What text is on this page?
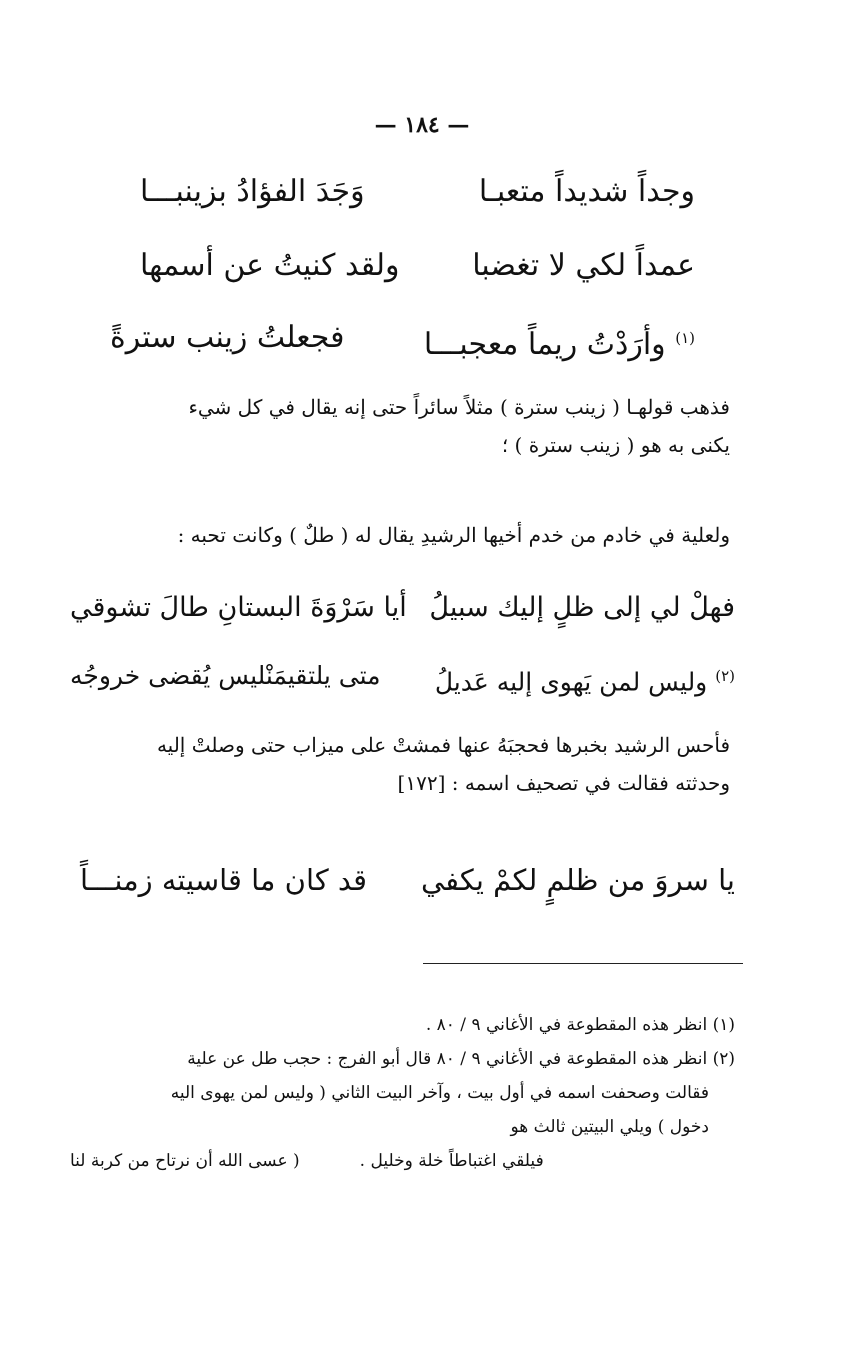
— ١٨٤ —
وَجَدَ الفؤادُ بزينبـــا	وجداً شديداً متعبـا
ولقد كنيتُ عن أسمها عمداً لكي لا تغضبا
فجعلتُ زينب سترةً	$^{(١)}$ وأرَدْتُ ريماً معجبـــا
فذهب قولهـا ( زينب سترة ) مثلاً سائراً حتى إنه يقال في كل شيء
يكنى به هو ( زينب سترة ) ؛
ولعلية في خادم من خدم أخيها الرشيدِ يقال له ( طلٌ ) وكانت تحبه :
أيا سَرْوَةَ البستانِ طالَ تشوقي فهلْ لي إلى ظلٍ إليك سبيلُ
متى يلتقيمَنْليس يُقضى خروجُه	$^{(٢)}$ وليس لمن يَهوى إليه عَديلُ
فأحس الرشيد بخبرها فحجبَهُ عنها فمشتْ على ميزاب حتى وصلتْ إليه
وحدثته فقالت في تصحيف اسمه : [١٧٢]
قد كان ما قاسيته زمنـــاً يا سروَ من ظلمٍ لكمْ يكفي
(١) انظر هذه المقطوعة في الأغاني ٩ / ٨٠ .
(٢) انظر هذه المقطوعة في الأغاني ٩ / ٨٠ قال أبو الفرج : حجب طل عن علية
فقالت وصحفت اسمه في أول بيت ، وآخر البيت الثاني ( وليس لمن يهوى اليه
دخول ) ويلي البيتين ثالث هو
( عسى الله أن نرتاح من كربة لنا	فيلقي اغتباطاً خلة وخليل .
